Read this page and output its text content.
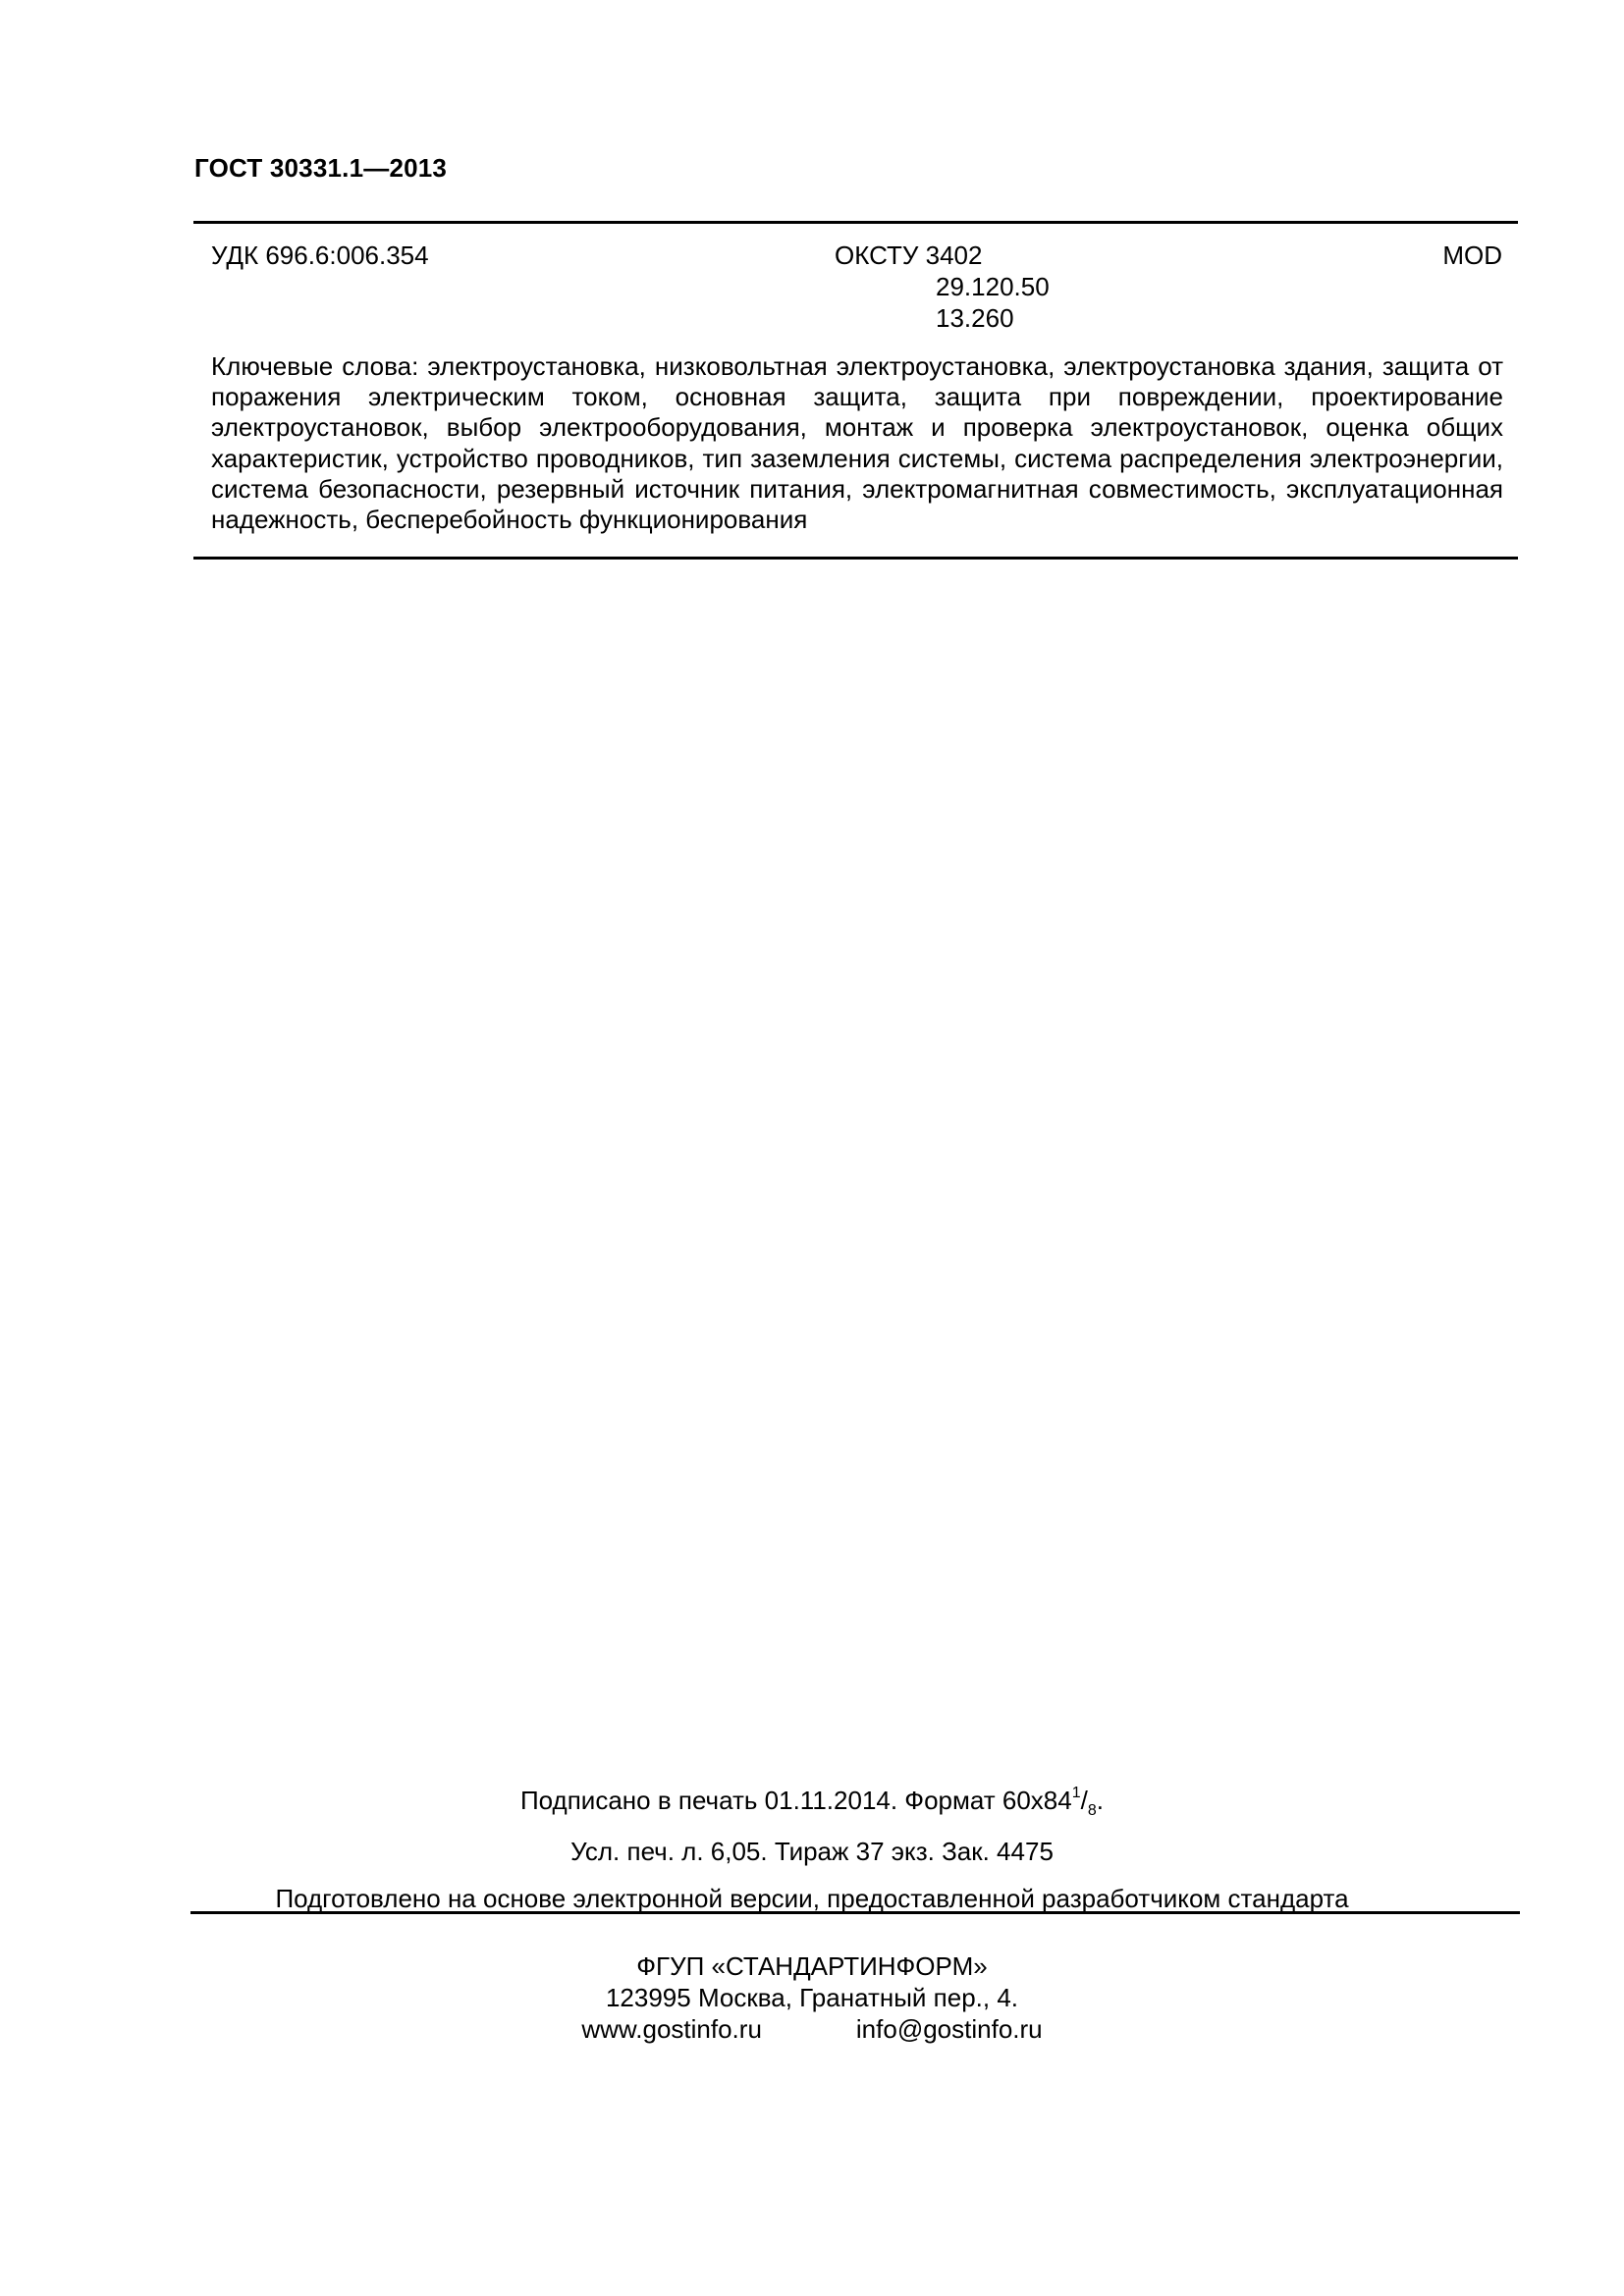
ГОСТ 30331.1—2013
УДК 696.6:006.354	ОКСТУ 3402
29.120.50
13.260
MOD
Ключевые слова: электроустановка, низковольтная электроустановка, электроустановка здания, защита от поражения электрическим током, основная защита, защита при повреждении, проектирование электроустановок, выбор электрооборудования, монтаж и проверка электроустановок, оценка общих характеристик, устройство проводников, тип заземления системы, система распределения электроэнергии, система безопасности, резервный источник питания, электромагнитная совместимость, эксплуатационная надежность, бесперебойность функционирования
Подписано в печать 01.11.2014. Формат $60x84^1/_8$.
Усл. печ. л. 6,05. Тираж 37 экз. Зак. 4475
Подготовлено на основе электронной версии, предоставленной разработчиком стандарта
ФГУП «СТАНДАРТИНФОРМ»
123995 Москва, Гранатный пер., 4.
www.gostinfo.ru	info@gostinfo.ru
